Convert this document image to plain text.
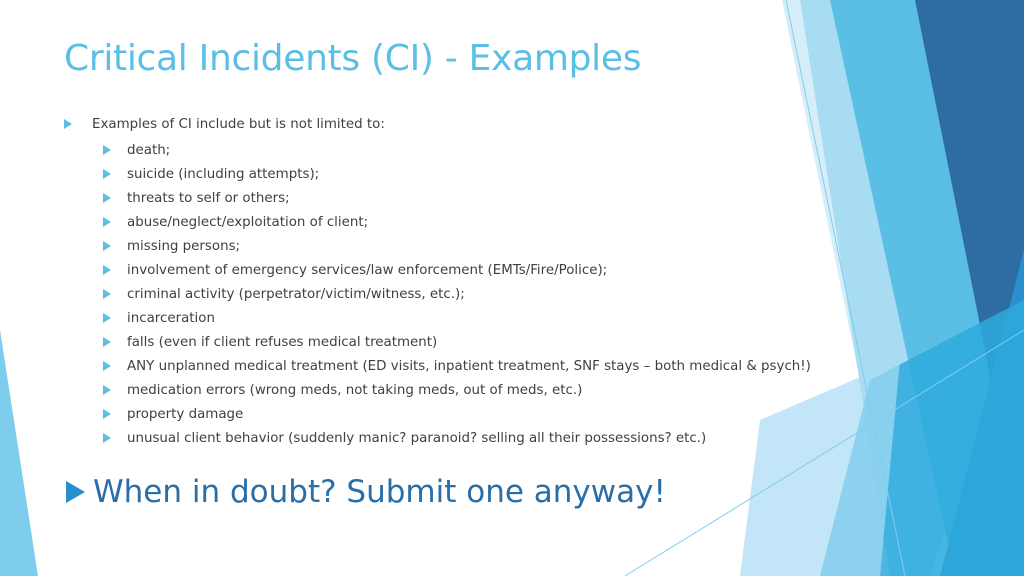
Critical Incidents (CI) - Examples
Examples of CI include but is not limited to:
death;
suicide (including attempts);
threats to self or others;
abuse/neglect/exploitation of client;
missing persons;
involvement of emergency services/law enforcement (EMTs/Fire/Police);
criminal activity (perpetrator/victim/witness, etc.);
incarceration
falls (even if client refuses medical treatment)
ANY unplanned medical treatment (ED visits, inpatient treatment, SNF stays – both medical & psych!)
medication errors (wrong meds, not taking meds, out of meds, etc.)
property damage
unusual client behavior (suddenly manic? paranoid? selling all their possessions? etc.)
When in doubt? Submit one anyway!
